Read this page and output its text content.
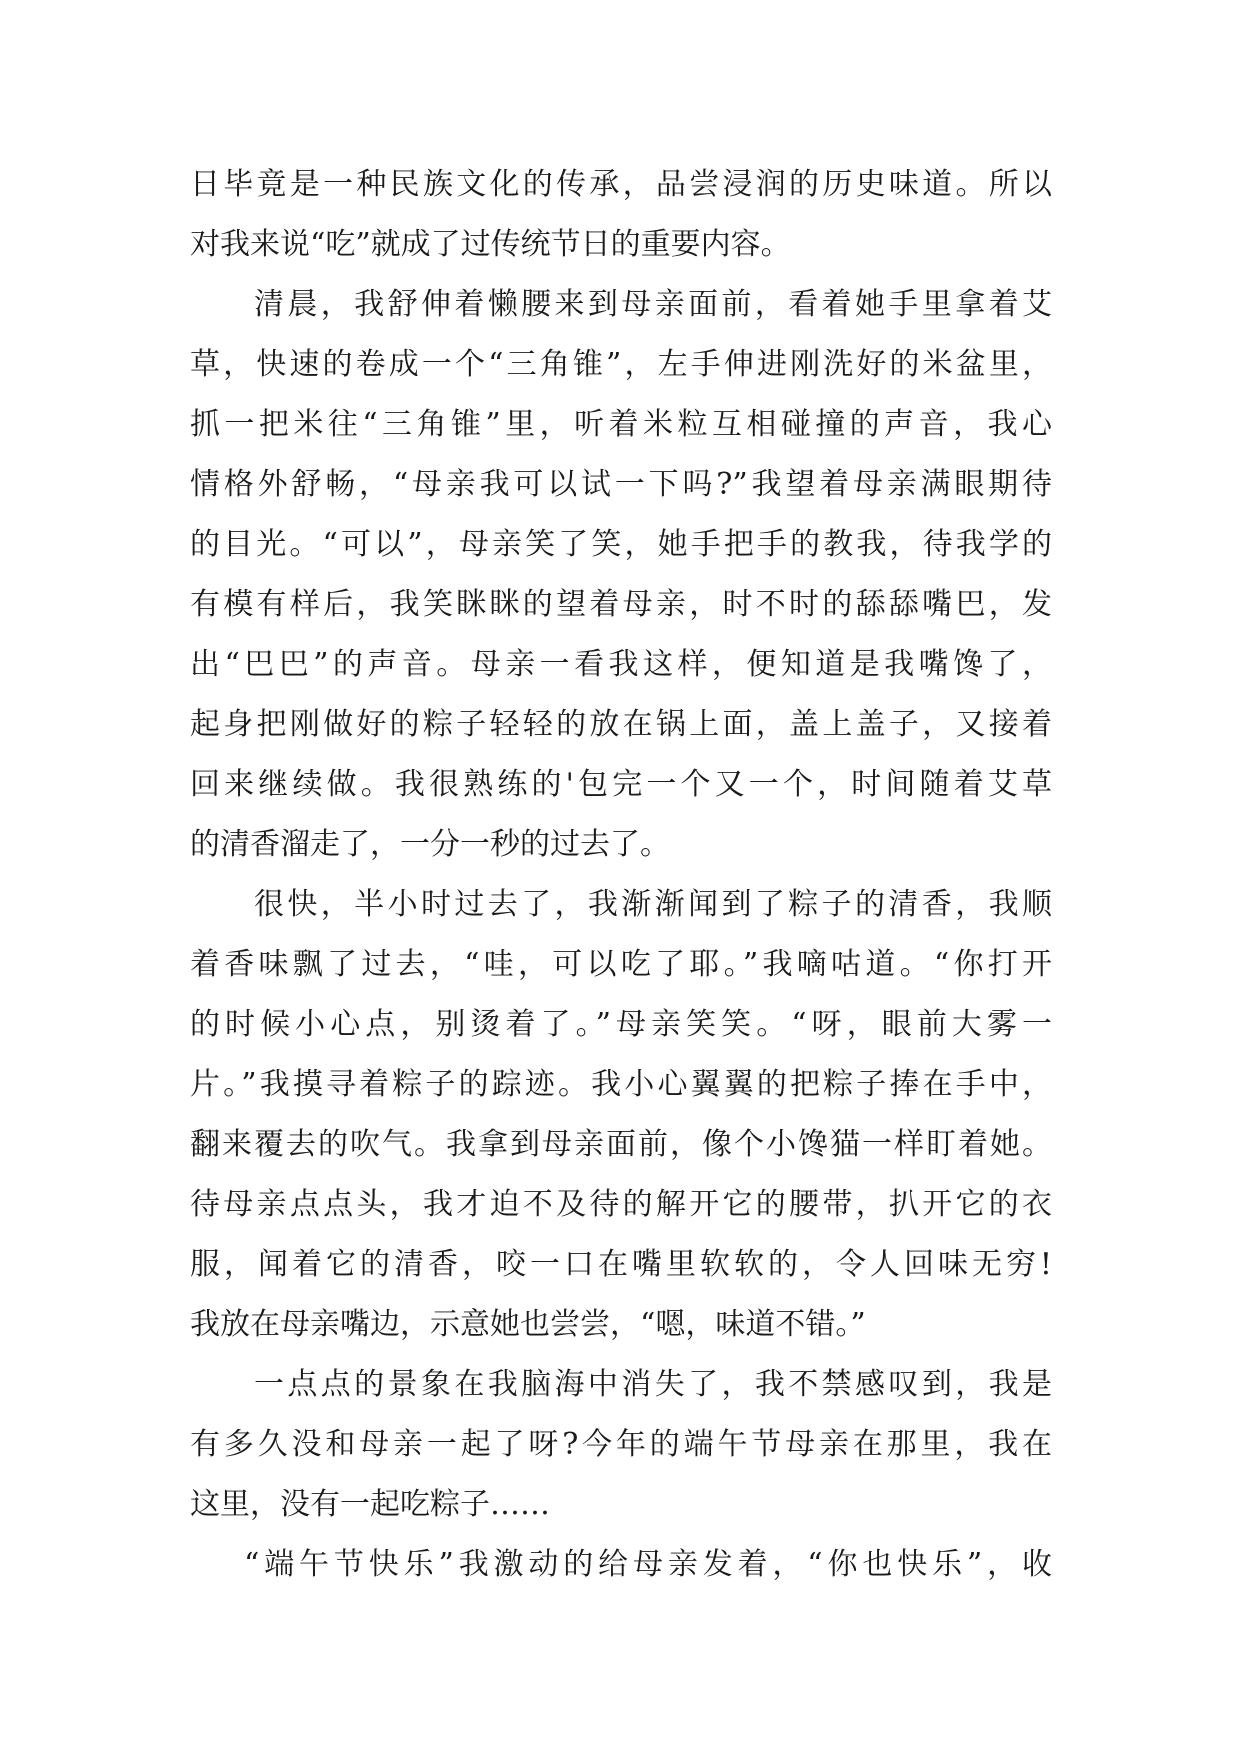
日毕竟是一种民族文化的传承，品尝浸润的历史味道。所以
对我来说“吃”就成了过传统节日的重要内容。
清晨，我舒伸着懒腰来到母亲面前，看着她手里拿着艾
草，快速的卷成一个“三角锥”，左手伸进刚洗好的米盆里，
抓一把米往“三角锥”里，听着米粒互相碰撞的声音，我心
情格外舒畅，“母亲我可以试一下吗?”我望着母亲满眼期待
的目光。“可以”，母亲笑了笑，她手把手的教我，待我学的
有模有样后，我笑眯眯的望着母亲，时不时的舔舔嘴巴，发
出“巴巴”的声音。母亲一看我这样，便知道是我嘴馋了，
起身把刚做好的粽子轻轻的放在锅上面，盖上盖子，又接着
回来继续做。我很熟练的'包完一个又一个，时间随着艾草
的清香溜走了，一分一秒的过去了。
很快，半小时过去了，我渐渐闻到了粽子的清香，我顺
着香味飘了过去，“哇，可以吃了耶。”我嘀咕道。“你打开
的时候小心点，别烫着了。”母亲笑笑。“呀，眼前大雾一
片。”我摸寻着粽子的踪迹。我小心翼翼的把粽子捧在手中，
翻来覆去的吹气。我拿到母亲面前，像个小馋猫一样盯着她。
待母亲点点头，我才迫不及待的解开它的腰带，扒开它的衣
服，闻着它的清香，咬一口在嘴里软软的，令人回味无穷!
我放在母亲嘴边，示意她也尝尝，“嗯，味道不错。”
一点点的景象在我脑海中消失了，我不禁感叹到，我是
有多久没和母亲一起了呀?今年的端午节母亲在那里，我在
这里，没有一起吃粽子……
“端午节快乐”我激动的给母亲发着，“你也快乐”，收
